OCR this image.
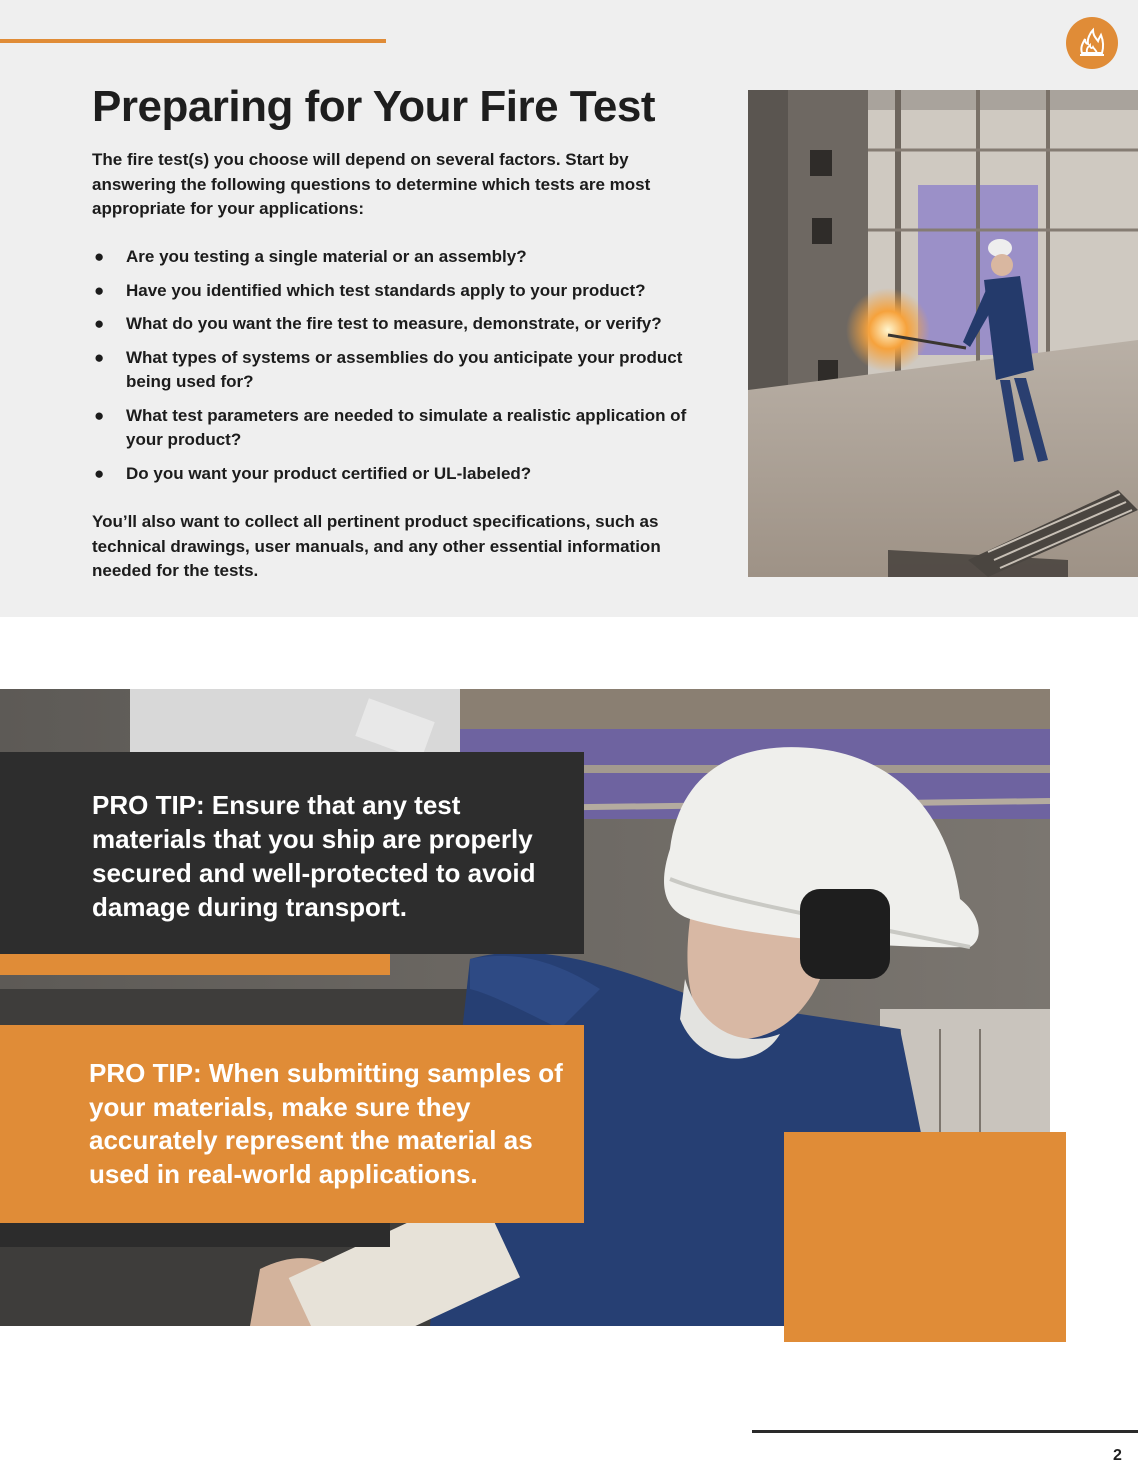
Preparing for Your Fire Test

The fire test(s) you choose will depend on several factors. Start by answering the following questions to determine which tests are most appropriate for your applications:

● Are you testing a single material or an assembly?
● Have you identified which test standards apply to your product?
● What do you want the fire test to measure, demonstrate, or verify?
● What types of systems or assemblies do you anticipate your product being used for?
● What test parameters are needed to simulate a realistic application of your product?
● Do you want your product certified or UL-labeled?

You’ll also want to collect all pertinent product specifications, such as technical drawings, user manuals, and any other essential information needed for the tests.

PRO TIP: Ensure that any test materials that you ship are properly secured and well-protected to avoid damage during transport.

PRO TIP: When submitting samples of your materials, make sure they accurately represent the material as used in real-world applications.

2
